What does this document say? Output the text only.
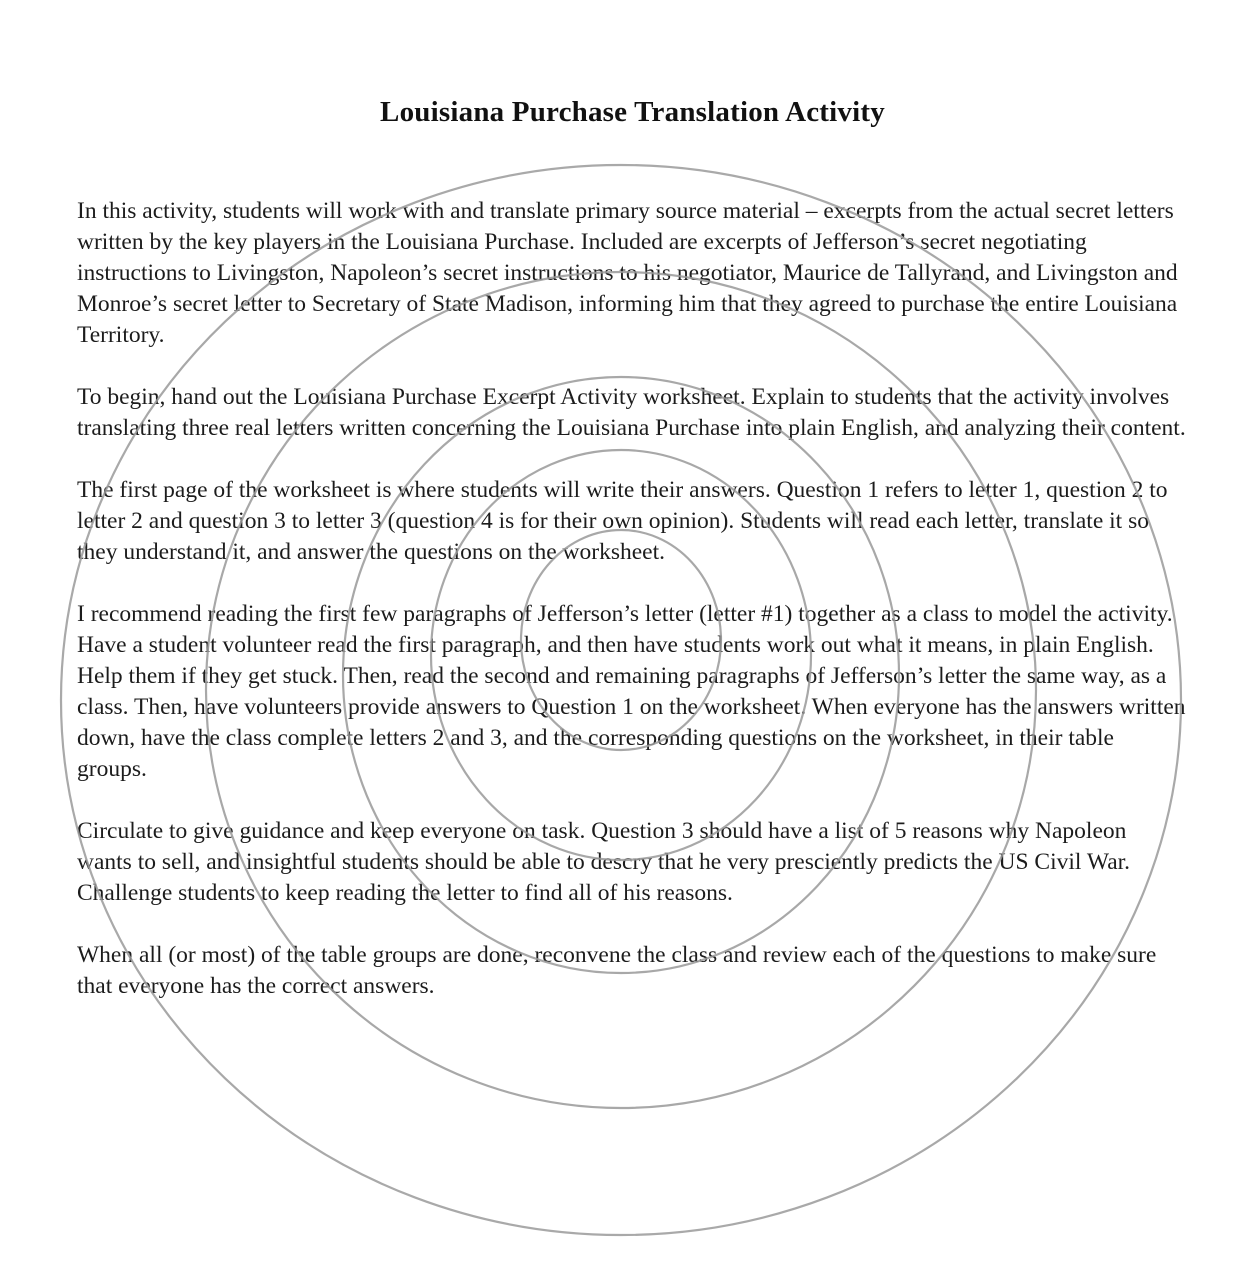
Louisiana Purchase Translation Activity

In this activity, students will work with and translate primary source material – excerpts from the actual secret letters written by the key players in the Louisiana Purchase. Included are excerpts of Jefferson’s secret negotiating instructions to Livingston, Napoleon’s secret instructions to his negotiator, Maurice de Tallyrand, and Livingston and Monroe’s secret letter to Secretary of State Madison, informing him that they agreed to purchase the entire Louisiana Territory.

To begin, hand out the Louisiana Purchase Excerpt Activity worksheet. Explain to students that the activity involves translating three real letters written concerning the Louisiana Purchase into plain English, and analyzing their content.

The first page of the worksheet is where students will write their answers. Question 1 refers to letter 1, question 2 to letter 2 and question 3 to letter 3 (question 4 is for their own opinion). Students will read each letter, translate it so they understand it, and answer the questions on the worksheet.

I recommend reading the first few paragraphs of Jefferson’s letter (letter #1) together as a class to model the activity. Have a student volunteer read the first paragraph, and then have students work out what it means, in plain English. Help them if they get stuck. Then, read the second and remaining paragraphs of Jefferson’s letter the same way, as a class. Then, have volunteers provide answers to Question 1 on the worksheet. When everyone has the answers written down, have the class complete letters 2 and 3, and the corresponding questions on the worksheet, in their table groups.

Circulate to give guidance and keep everyone on task. Question 3 should have a list of 5 reasons why Napoleon wants to sell, and insightful students should be able to descry that he very presciently predicts the US Civil War. Challenge students to keep reading the letter to find all of his reasons.

When all (or most) of the table groups are done, reconvene the class and review each of the questions to make sure that everyone has the correct answers.
